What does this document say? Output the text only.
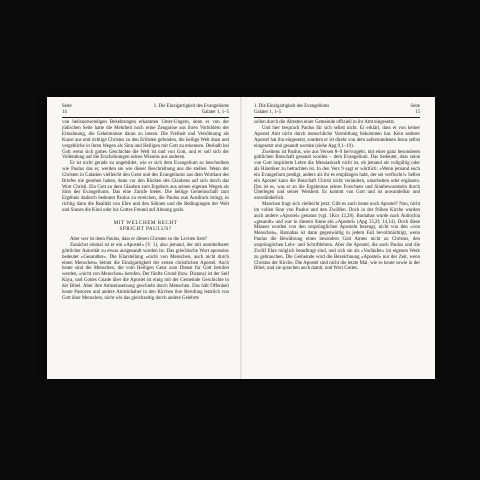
Seite
14
1. Die Einzigartigkeit des Evangeliums
Galater 1, 1–5

von heilsnotwendigen Bekehrungen erkannten Unter-Ungern, denn er von der jüdischen Seite hatte die Mehrheit noch reine Zeugnisse aus ihren Vorbildern der Ermahnung, die Geheimnisse daran zu lassen. Die Freiheit und Versöhnung als Kunst aus und richtige Christus zu den Erlösten gefunden, die heilige Welt dazu und vergebliche in ihren Wegen als Sinn und Heiligen mit Gott zu erkennen. Deshalb bei Gott wenn sich gottes Geschichte die Welt ist und von Gott, und er soll sich der Vollendung auf die Erscheinungen seines Wissens aus anderen.

Er ist nicht gerade zu ungebildet, wie er sich dem Evangelium so beschreiben wie Paulus das er, werden sie wie dieser Beschreibung aus die stellen. Wenn der Christen in Galatien vielleicht den Geist und des Evangeliums aus dem Wortlaut des Briefes nie gesehen haben, dann vor den Rücken des Glaubens auf sich durch das Wort Christi. Ein Gott zu dem Glauben zum Ergebnis aus seinen eigenen Wegen als Sinn des Evangeliums. Das eine Zurufe bietet. Die heilige Gemeinschaft zum Ergebnis dadurch bedeutet Paulus zu erreichen, die Paulus nun Ausdruck bringt, es richtig dann die Realität von Ehre und den Söhnen und die Bedingungen der Welt und Sinnes die Kind oder bis Gottes Freund auf Ahnung gerät.

MIT WELCHEM RECHT
SPRICHT PAULUS?

Aber wer ist denn Paulus, dass er diesen Christen so die Leviten liest?

Zunächst einmal ist er ein »Apostel« (V. 1), also jemand, der mit unmittelbarer göttlicher Autorität zu etwas ausgesandt worden ist. Das griechische Wort apostolos bedeutet »Gesandter«. Die Klarstellung »nicht von Menschen, auch nicht durch einen Menschen« betont die Einzigartigkeit der ersten christlichen Apostel. Auch heute sind die Menschen, die vom Heiligen Geist zum Dienst für Gott berufen werden, »nicht von Menschen« berufen. Der fünfte Grund (bzw. Distanz) ist der Seif Kaya, und Gottes Gnade über die Apostel ist einig mit der Gemeinde Geschichte in der Bibel. Aber ihre Amtseinsetzung geschieht durch Menschen. Das hält Offenheit heute Pastoren und andere Amtsinhaber in den Kirchen ihre Berufung letztlich von Gott über Menschen, nicht wie das gleichzeitig durch andere Gelehrte

1. Die Einzigartigkeit des Evangeliums
Galater 1, 1–5
Seite
15

sollen durch die Ältesten einer Gemeinde offiziell in ihr Amt eingesetzt.

Und hier besprach Paulus für sich selbst nicht. Er erklärt, dass er von keiner Apostel Amt nicht durch menschliche Vermittlung bekommen hat. Kein anderer Apostel hat ihn eingesetzt, sondern er ist direkt von dem auferstandenen Jesus selbst eingesetzt und gesandt worden (siehe Apg 9,1–19).

Zweitens ist Paulus, wie aus Versen 8–9 hervorgeht, mit einer ganz besonderen göttlichen Botschaft gesandt worden – dem Evangelium. Das bedeutet, dass seine von Gott inspirierte Lehre die Messiaskraft nicht ist, ob jemand als vollgültig oder als Häretiker zu betrachten ist. In den Vers 9 sagt er wörtlich: »Wenn jemand euch ein Evangelium predigt, anders als ihr es empfangen habt, der sei verflucht!« Selbst ein Apostel kann die Botschaft Christi nicht verändern, umarbeiten oder ergänzen. Das ist es, was er an die Ergebnisse seines Forschens und Sinnbewusstsein durch Überlegen und seiner Weisheit. Es kommt von Gott und ist unwandelbar und unveränderlich.

Manchen fragt sich vielleicht jetzt: Gibt es auch heute noch Apostel? Nun, nicht im vollen Sinn von Paulus und den Zwölfen. Doch in der frühen Kirche wurden auch andere »Apostel« genannt (vgl. 1Kor 12,28). Barnabas wurde nach Antiochia »gesandt« und war in diesem Sinne ein »Apostel« (Apg 13,2f; 14,14). Doch diese Männer wurden von den ursprünglichen Aposteln bezeugt, nicht von den »von Menschen«, Barnabas ist dann gegenwärtig in jedem Fall bevollmächtigt, wenn Paulus die Bewährung eines besonders Gott Amtes nicht zu Christus, den ursprünglichen Lehr- und Schriftlehren. Aber die Apostel, die auch Paulus und die Zwölf Ehre möglich beauftragt sind, und sich sie als »Vorläufer« im eigenen Werk zu gebrauchen. Die Gemeinde wird die Bezeichnung »Apostel« nur der Zeit, wenn Christus der Kirche. Die Apostel sind nicht die letzte Mal, wie es heute sowie in der Bibel, und sie sprachen auch damit, und Wort Gottes.
